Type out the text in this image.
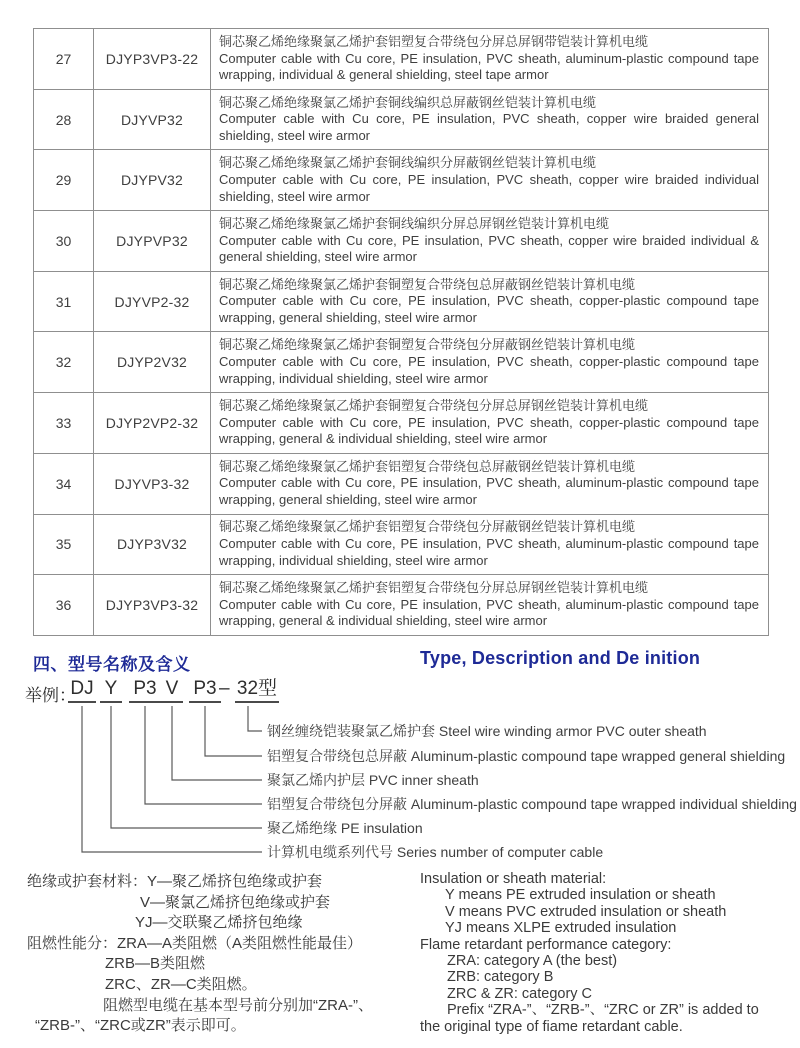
27	DJYP3VP3-22	铜芯聚乙烯绝缘聚氯乙烯护套铝塑复合带绕包分屏总屏钢带铠装计算机电缆
Computer cable with Cu core, PE insulation, PVC sheath, aluminum-plastic compound tape wrapping, individual & general shielding, steel tape armor

28	DJYVP32	铜芯聚乙烯绝缘聚氯乙烯护套铜线编织总屏蔽钢丝铠装计算机电缆
Computer cable with Cu core, PE insulation, PVC sheath, copper wire braided general shielding, steel wire armor

29	DJYPV32	铜芯聚乙烯绝缘聚氯乙烯护套铜线编织分屏蔽钢丝铠装计算机电缆
Computer cable with Cu core, PE insulation, PVC sheath, copper wire braided individual shielding, steel wire armor

30	DJYPVP32	铜芯聚乙烯绝缘聚氯乙烯护套铜线编织分屏总屏钢丝铠装计算机电缆
Computer cable with Cu core, PE insulation, PVC sheath, copper wire braided individual & general shielding, steel wire armor

31	DJYVP2-32	铜芯聚乙烯绝缘聚氯乙烯护套铜塑复合带绕包总屏蔽钢丝铠装计算机电缆
Computer cable with Cu core, PE insulation, PVC sheath, copper-plastic compound tape wrapping, general shielding, steel wire armor

32	DJYP2V32	铜芯聚乙烯绝缘聚氯乙烯护套铜塑复合带绕包分屏蔽钢丝铠装计算机电缆
Computer cable with Cu core, PE insulation, PVC sheath, copper-plastic compound tape wrapping, individual shielding, steel wire armor

33	DJYP2VP2-32	铜芯聚乙烯绝缘聚氯乙烯护套铜塑复合带绕包分屏总屏钢丝铠装计算机电缆
Computer cable with Cu core, PE insulation, PVC sheath, copper-plastic compound tape wrapping, general & individual shielding, steel wire armor

34	DJYVP3-32	铜芯聚乙烯绝缘聚氯乙烯护套铝塑复合带绕包总屏蔽钢丝铠装计算机电缆
Computer cable with Cu core, PE insulation, PVC sheath, aluminum-plastic compound tape wrapping, general shielding, steel wire armor

35	DJYP3V32	铜芯聚乙烯绝缘聚氯乙烯护套铝塑复合带绕包分屏蔽钢丝铠装计算机电缆
Computer cable with Cu core, PE insulation, PVC sheath, aluminum-plastic compound tape wrapping, individual shielding, steel wire armor

36	DJYP3VP3-32	铜芯聚乙烯绝缘聚氯乙烯护套铝塑复合带绕包分屏总屏钢丝铠装计算机电缆
Computer cable with Cu core, PE insulation, PVC sheath, aluminum-plastic compound tape wrapping, general & individual shielding, steel wire armor
四、型号名称及含义	Type, Description and De inition
举例：
DJ Y P3 V P3 – 32型
钢丝缠绕铠装聚氯乙烯护套 Steel wire winding armor PVC outer sheath
铝塑复合带绕包总屏蔽 Aluminum-plastic compound tape wrapped general shielding
聚氯乙烯内护层 PVC inner sheath
铝塑复合带绕包分屏蔽 Aluminum-plastic compound tape wrapped individual shielding
聚乙烯绝缘 PE insulation
计算机电缆系列代号 Series number of computer cable
绝缘或护套材料：Y—聚乙烯挤包绝缘或护套
V—聚氯乙烯挤包绝缘或护套
YJ—交联聚乙烯挤包绝缘
阻燃性能分：ZRA—A类阻燃（A类阻燃性能最佳）
ZRB—B类阻燃
ZRC、ZR—C类阻燃。
阻燃型电缆在基本型号前分别加“ZRA-”、
“ZRB-”、“ZRC或ZR”表示即可。
Insulation or sheath material:
Y means PE extruded insulation or sheath
V means PVC extruded insulation or sheath
YJ means XLPE extruded insulation
Flame retardant performance category:
ZRA: category A (the best)
ZRB: category B
ZRC & ZR: category C
Prefix “ZRA-”、“ZRB-”、“ZRC or ZR” is added to
the original type of fiame retardant cable.
